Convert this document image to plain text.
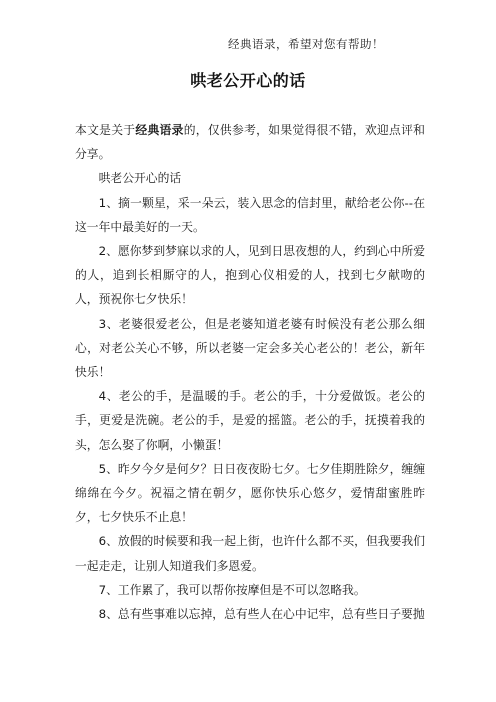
经典语录，希望对您有帮助！
哄老公开心的话

本文是关于经典语录的，仅供参考，如果觉得很不错，欢迎点评和分享。

哄老公开心的话

1、摘一颗星，采一朵云，装入思念的信封里，献给老公你--在这一年中最美好的一天。

2、愿你梦到梦寐以求的人，见到日思夜想的人，约到心中所爱的人，追到长相厮守的人，抱到心仪相爱的人，找到七夕献吻的人，预祝你七夕快乐！

3、老婆很爱老公，但是老婆知道老婆有时候没有老公那么细心，对老公关心不够，所以老婆一定会多关心老公的！老公，新年快乐！

4、老公的手，是温暖的手。老公的手，十分爱做饭。老公的手，更爱是洗碗。老公的手，是爱的摇篮。老公的手，抚摸着我的头，怎么娶了你啊，小懒蛋！

5、昨夕今夕是何夕？日日夜夜盼七夕。七夕佳期胜除夕，缠缠绵绵在今夕。祝福之情在朝夕，愿你快乐心悠夕，爱情甜蜜胜昨夕，七夕快乐不止息！

6、放假的时候要和我一起上街，也许什么都不买，但我要我们一起走走，让别人知道我们多恩爱。

7、工作累了，我可以帮你按摩但是不可以忽略我。

8、总有些事难以忘掉，总有些人在心中记牢，总有些日子要抛
